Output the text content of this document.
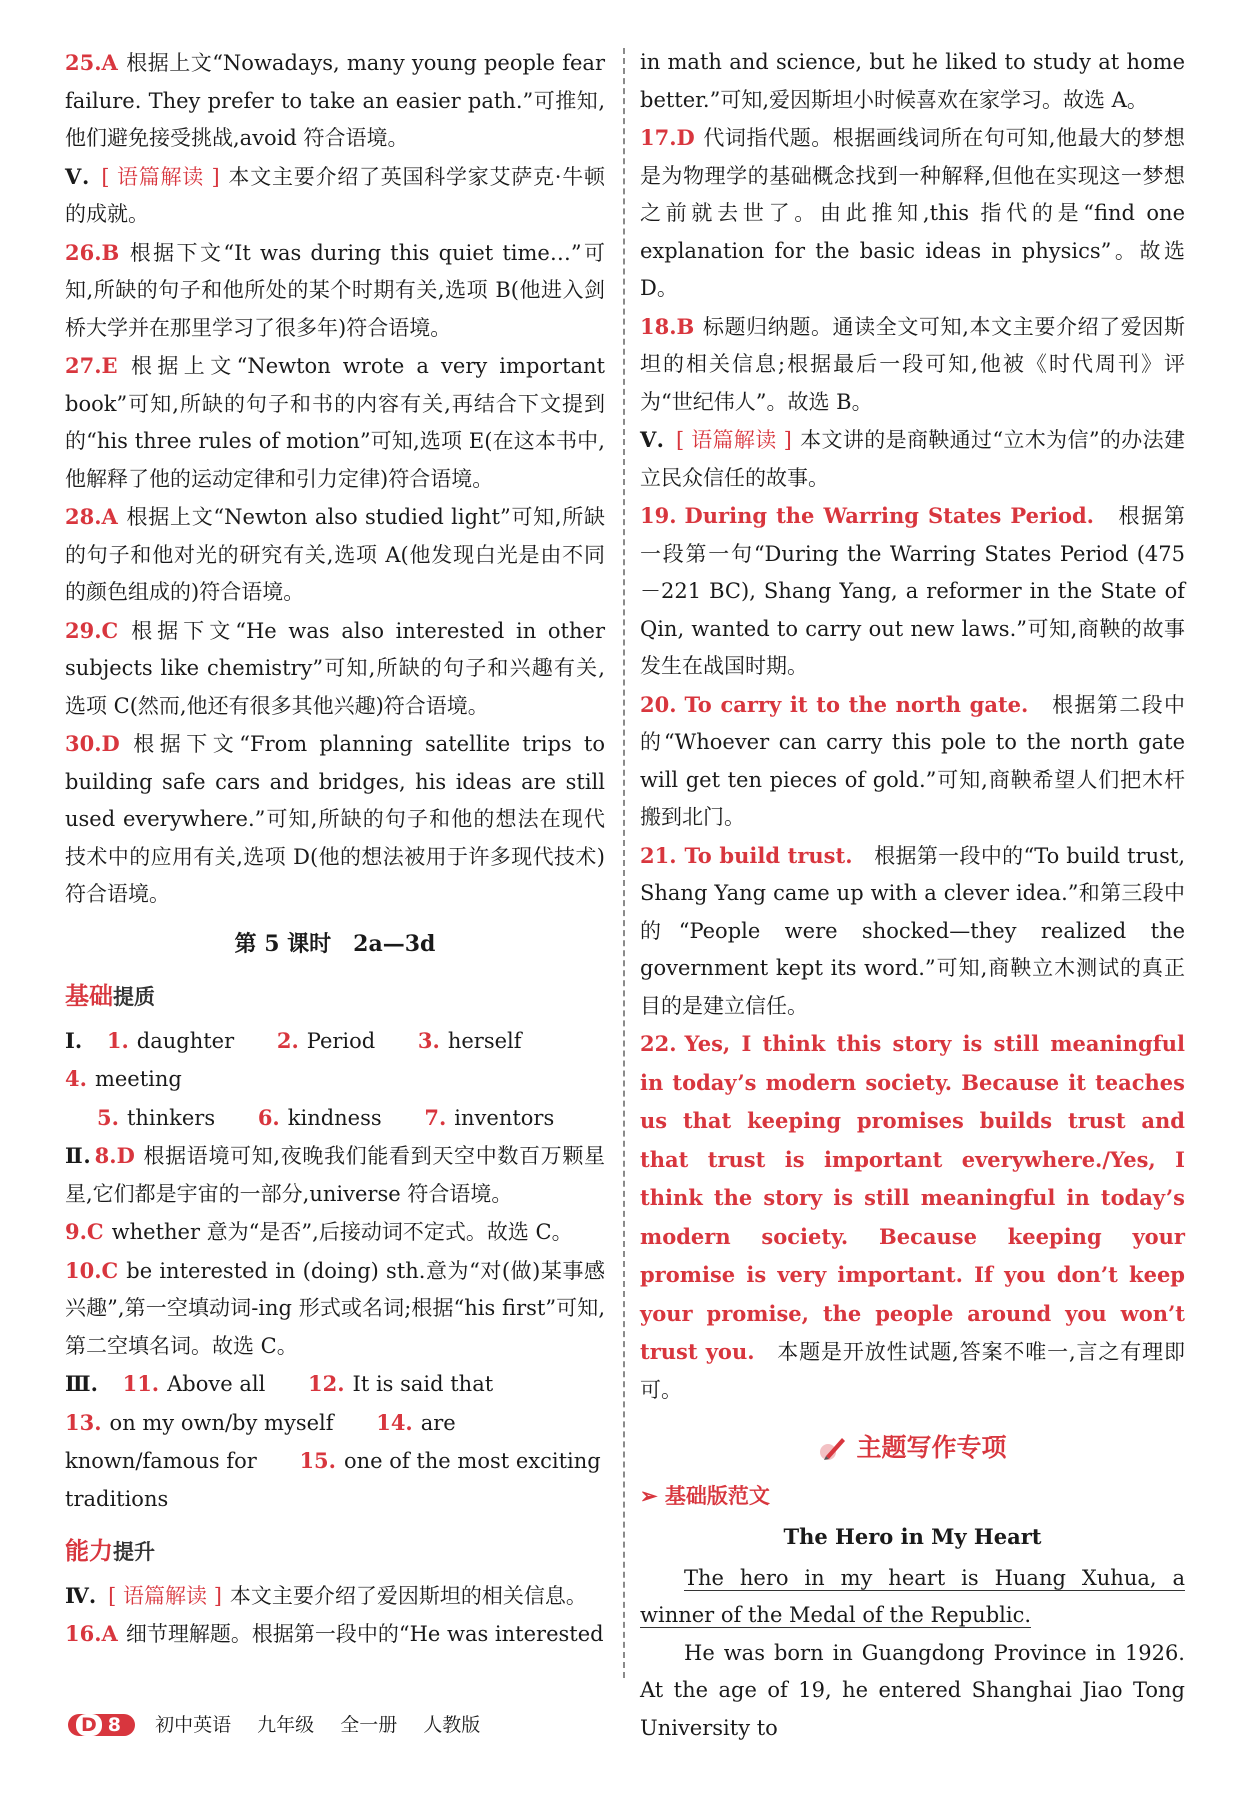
25.A 根据上文“Nowadays, many young people fear failure. They prefer to take an easier path.”可推知,他们避免接受挑战,avoid 符合语境。

Ⅴ. [ 语篇解读 ] 本文主要介绍了英国科学家艾萨克·牛顿的成就。

26.B 根据下文“It was during this quiet time…”可知,所缺的句子和他所处的某个时期有关,选项 B(他进入剑桥大学并在那里学习了很多年)符合语境。

27.E 根据上文“Newton wrote a very important book”可知,所缺的句子和书的内容有关,再结合下文提到的“his three rules of motion”可知,选项 E(在这本书中,他解释了他的运动定律和引力定律)符合语境。

28.A 根据上文“Newton also studied light”可知,所缺的句子和他对光的研究有关,选项 A(他发现白光是由不同的颜色组成的)符合语境。

29.C 根据下文“He was also interested in other subjects like chemistry”可知,所缺的句子和兴趣有关,选项 C(然而,他还有很多其他兴趣)符合语境。

30.D 根据下文“From planning satellite trips to building safe cars and bridges, his ideas are still used everywhere.”可知,所缺的句子和他的想法在现代技术中的应用有关,选项 D(他的想法被用于许多现代技术)符合语境。

第 5 课时　2a—3d
基础提质

Ⅰ. 1. daughter 2. Period 3. herself 4. meeting

5. thinkers 6. kindness 7. inventors

Ⅱ. 8.D 根据语境可知,夜晚我们能看到天空中数百万颗星星,它们都是宇宙的一部分,universe 符合语境。

9.C whether 意为“是否”,后接动词不定式。故选 C。

10.C be interested in (doing) sth.意为“对(做)某事感兴趣”,第一空填动词-ing 形式或名词;根据“his first”可知,第二空填名词。故选 C。

Ⅲ. 11. Above all 12. It is said that 13. on my own/by myself 14. are known/famous for 15. one of the most exciting traditions

能力提升

Ⅳ. [ 语篇解读 ] 本文主要介绍了爱因斯坦的相关信息。

16.A 细节理解题。根据第一段中的“He was interested

in math and science, but he liked to study at home better.”可知,爱因斯坦小时候喜欢在家学习。故选 A。

17.D 代词指代题。根据画线词所在句可知,他最大的梦想是为物理学的基础概念找到一种解释,但他在实现这一梦想之前就去世了。由此推知,this 指代的是“find one explanation for the basic ideas in physics”。故选 D。

18.B 标题归纳题。通读全文可知,本文主要介绍了爱因斯坦的相关信息;根据最后一段可知,他被《时代周刊》评为“世纪伟人”。故选 B。

Ⅴ. [ 语篇解读 ] 本文讲的是商鞅通过“立木为信”的办法建立民众信任的故事。

19. During the Warring States Period.　 根据第一段第一句“During the Warring States Period (475－221 BC), Shang Yang, a reformer in the State of Qin, wanted to carry out new laws.”可知,商鞅的故事发生在战国时期。

20. To carry it to the north gate.　 根据第二段中的“Whoever can carry this pole to the north gate will get ten pieces of gold.”可知,商鞅希望人们把木杆搬到北门。

21. To build trust.　 根据第一段中的“To build trust, Shang Yang came up with a clever idea.”和第三段中的“People were shocked—they realized the government kept its word.”可知,商鞅立木测试的真正目的是建立信任。

22. Yes, I think this story is still meaningful in today’s modern society. Because it teaches us that keeping promises builds trust and that trust is important everywhere./Yes, I think the story is still meaningful in today’s modern society. Because keeping your promise is very important. If you don’t keep your promise, the people around you won’t trust you.　 本题是开放性试题,答案不唯一,言之有理即可。

主题写作专项
➢ 基础版范文
The Hero in My Heart

The hero in my heart is Huang Xuhua, a winner of the Medal of the Republic.

He was born in Guangdong Province in 1926. At the age of 19, he entered Shanghai Jiao Tong University to

D 8 初中英语 九年级 全一册 人教版
